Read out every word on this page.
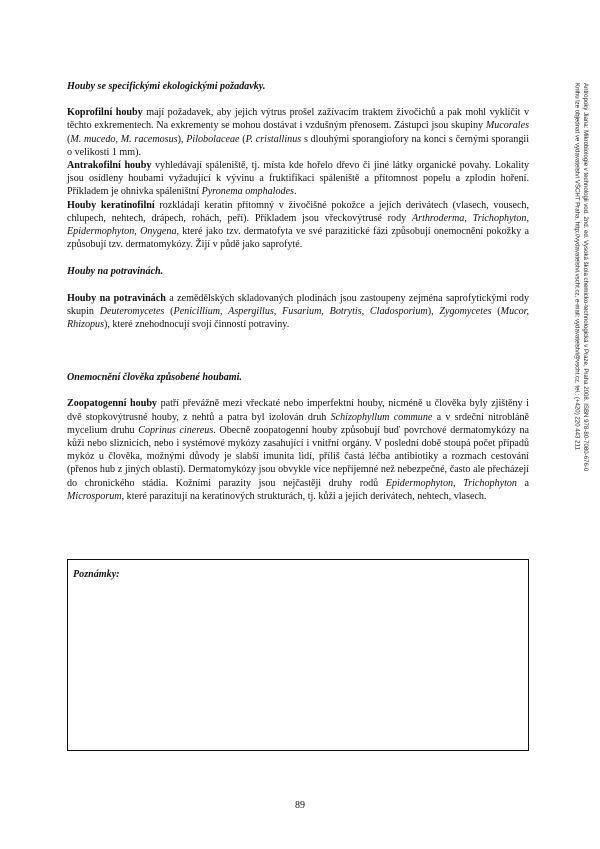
Houby se specifickými ekologickými požadavky.

Koprofilní houby mají požadavek, aby jejich výtrus prošel zažívacím traktem živočichů a pak mohl vyklíčit v těchto exkrementech. Na exkrementy se mohou dostávat i vzdušným přenosem. Zástupci jsou skupiny Mucorales (M. mucedo, M. racemosus), Pilobolaceae (P. cristallinus s dlouhými sporangiofory na konci s černými sporangii o velikosti 1 mm).

Antrakofilní houby vyhledávají spáleniště, tj. místa kde hořelo dřevo či jiné látky organické povahy. Lokality jsou osídleny houbami vyžadující k vývinu a fruktifikaci spáleniště a přítomnost popelu a zplodin hoření. Příkladem je ohnivka spáleništní Pyronema omphalodes.

Houby keratinofilní rozkládají keratin přítomný v živočišné pokožce a jejích derivátech (vlasech, vousech, chlupech, nehtech, drápech, rohách, peří). Příkladem jsou vřeckovýtrusé rody Arthroderma, Trichophyton, Epidermophyton, Onygena, které jako tzv. dermatofyta ve své parazitické fázi způsobují onemocnění pokožky a způsobují tzv. dermatomykózy. Žijí v půdě jako saprofyté.

Houby na potravinách.

Houby na potravinách a zemědělských skladovaných plodinách jsou zastoupeny zejména saprofytickými rody skupin Deuteromycetes (Penicillium, Aspergillus, Fusarium, Botrytis, Cladosporium), Zygomycetes (Mucor, Rhizopus), které znehodnocují svojí činností potraviny.

Onemocnění člověka způsobené houbami.

Zoopatogenní houby patří převážně mezi vřeckaté nebo imperfektní houby, nicméně u člověka byly zjištěny i dvě stopkovýtrusné houby, z nehtů a patra byl izolován druh Schizophyllum commune a v srdeční nitrobláně mycelium druhu Coprinus cinereus. Obecně zoopatogenní houby způsobují buď povrchové dermatomykózy na kůži nebo sliznicích, nebo i systémové mykózy zasahující i vnitřní orgány. V poslední době stoupá počet případů mykóz u člověka, možnými důvody je slabší imunita lidí, příliš častá léčba antibiotiky a rozmach cestování (přenos hub z jiných oblastí). Dermatomykózy jsou obvykle více nepříjemné než nebezpečné, často ale přecházejí do chronického stádia. Kožními parazity jsou nejčastěji druhy rodů Epidermophyton, Trichophyton a Microsporum, které parazitují na keratinových strukturách, tj. kůži a jejich derivátech, nehtech, vlasech.

Poznámky:
89
Antropoký Jiana: Mikrobiologie v technologii vod. 2nd. ed. Vysoká škola chemicko-technologická v Praze, Praha 2008. ISBN 978-80-7080-676-0
Knihu lze objednat ve vydavatelství VŠCHT Praha, http://vydavatelstvi.vscht.cz, e-mail: vydavatelstvi@vscht.cz, tel.: (+420) 220 443 211
